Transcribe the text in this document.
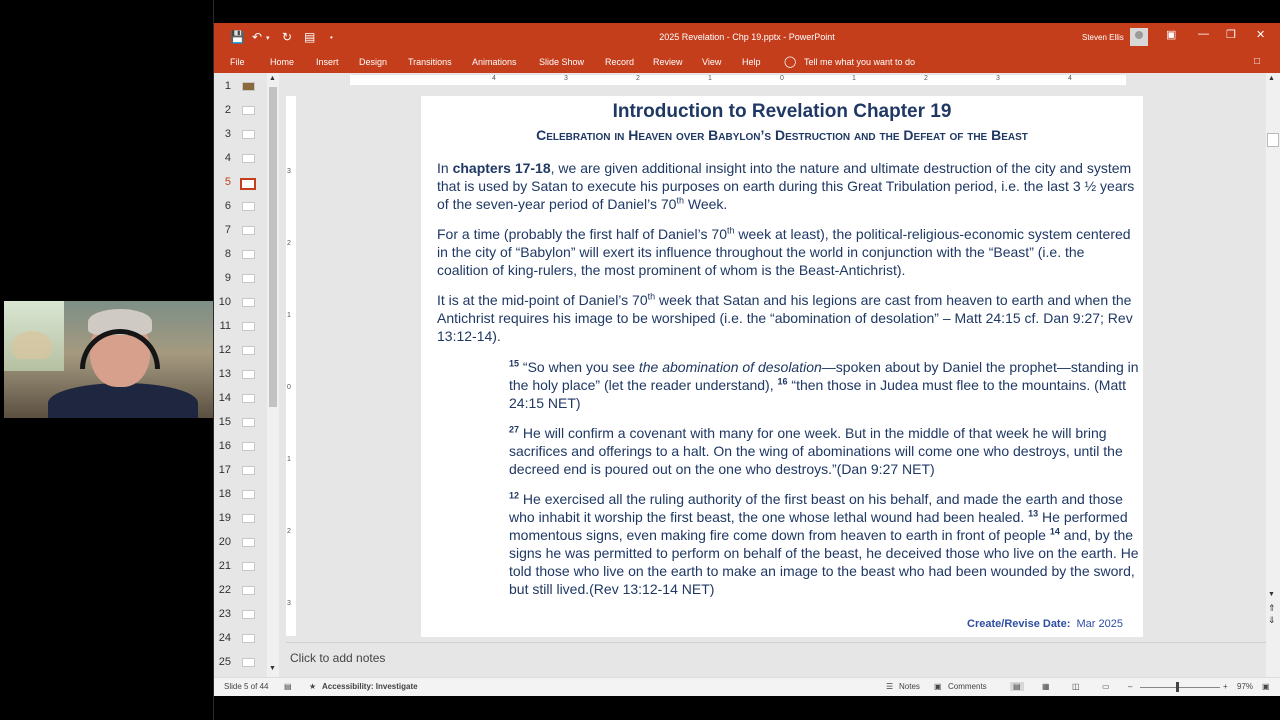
💾 ↶ ▾ ↻ ▤ •	2025 Revelation - Chp 19.pptx - PowerPoint	Steven Ellis	▣ — ❐ ✕
File	Home Insert Design Transitions Animations Slide Show Record Review View Help ◯ Tell me what you want to do	□
1
2
3
4
5
6
7
8
9
10
11
12
13
14
15
16
17
18
19
20
21
22
23
24
25
▲
▼
4	3	2	1	0	1	2	3	4
3
2
1
0
1
2
3
Introduction to Revelation Chapter 19
Celebration in Heaven over Babylon’s Destruction and the Defeat of the Beast
In chapters 17-18, we are given additional insight into the nature and ultimate destruction of the city and system that is used by Satan to execute his purposes on earth during this Great Tribulation period, i.e. the last 3 ½ years of the seven-year period of Daniel’s 70th Week.
For a time (probably the first half of Daniel’s 70th week at least), the political-religious-economic system centered in the city of “Babylon” will exert its influence throughout the world in conjunction with the “Beast” (i.e. the coalition of king-rulers, the most prominent of whom is the Beast-Antichrist).
It is at the mid-point of Daniel’s 70th week that Satan and his legions are cast from heaven to earth and when the Antichrist requires his image to be worshiped (i.e. the “abomination of desolation” – Matt 24:15 cf. Dan 9:27; Rev 13:12-14).
$^{15}$ “So when you see the abomination of desolation—spoken about by Daniel the prophet—standing in the holy place” (let the reader understand), $^{16}$ “then those in Judea must flee to the mountains. (Matt 24:15 NET)
$^{27}$ He will confirm a covenant with many for one week. But in the middle of that week he will bring sacrifices and offerings to a halt. On the wing of abominations will come one who destroys, until the decreed end is poured out on the one who destroys.”(Dan 9:27 NET)
$^{12}$ He exercised all the ruling authority of the first beast on his behalf, and made the earth and those who inhabit it worship the first beast, the one whose lethal wound had been healed. $^{13}$ He performed momentous signs, even making fire come down from heaven to earth in front of people $^{14}$ and, by the signs he was permitted to perform on behalf of the beast, he deceived those who live on the earth. He told those who live on the earth to make an image to the beast who had been wounded by the sword, but still lived.(Rev 13:12-14 NET)
Create/Revise Date: Mar 2025
▲
▼
⇑
⇓
Click to add notes
Slide 5 of 44 ▤ ★ Accessibility: Investigate	☰ Notes ▣ Comments	▤	▦	◫	▭ –	+ 97% ▣
